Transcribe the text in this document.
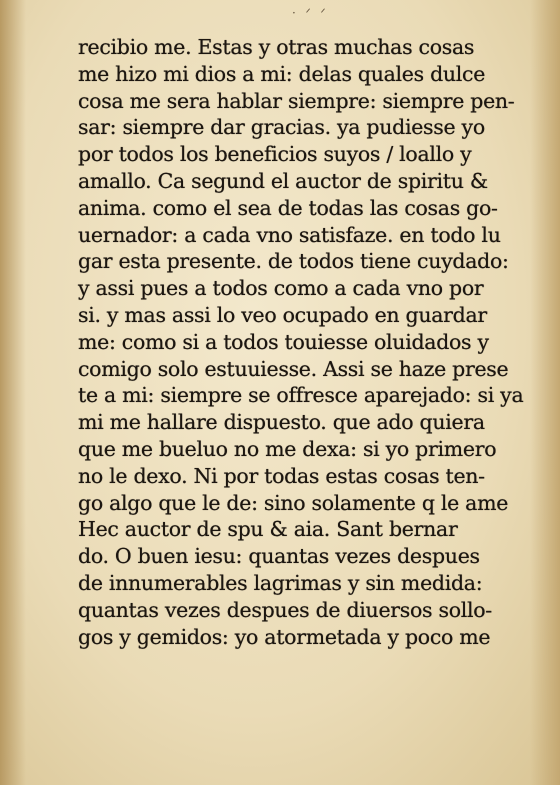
· ᐟ ᐟ
recibio me. Estas y otras muchas cosas
me hizo mi dios a mi: delas quales dulce
cosa me sera hablar siempre: siempre pen-
sar: siempre dar gracias. ya pudiesse yo
por todos los beneficios suyos / loallo y
amallo. Ca segund el auctor de spiritu &
anima. como el sea de todas las cosas go-
uernador: a cada vno satisfaze. en todo lu
gar esta presente. de todos tiene cuydado:
y assi pues a todos como a cada vno por
si. y mas assi lo veo ocupado en guardar
me: como si a todos touiesse oluidados y
comigo solo estuuiesse. Assi se haze prese
te a mi: siempre se offresce aparejado: si ya
mi me hallare dispuesto. que ado quiera
que me bueluo no me dexa: si yo primero
no le dexo. Ni por todas estas cosas ten-
go algo que le de: sino solamente q le ame
Hec auctor de spu & aia. Sant bernar
do. O buen iesu: quantas vezes despues
de innumerables lagrimas y sin medida:
quantas vezes despues de diuersos sollo-
gos y gemidos: yo atormetada y poco me
